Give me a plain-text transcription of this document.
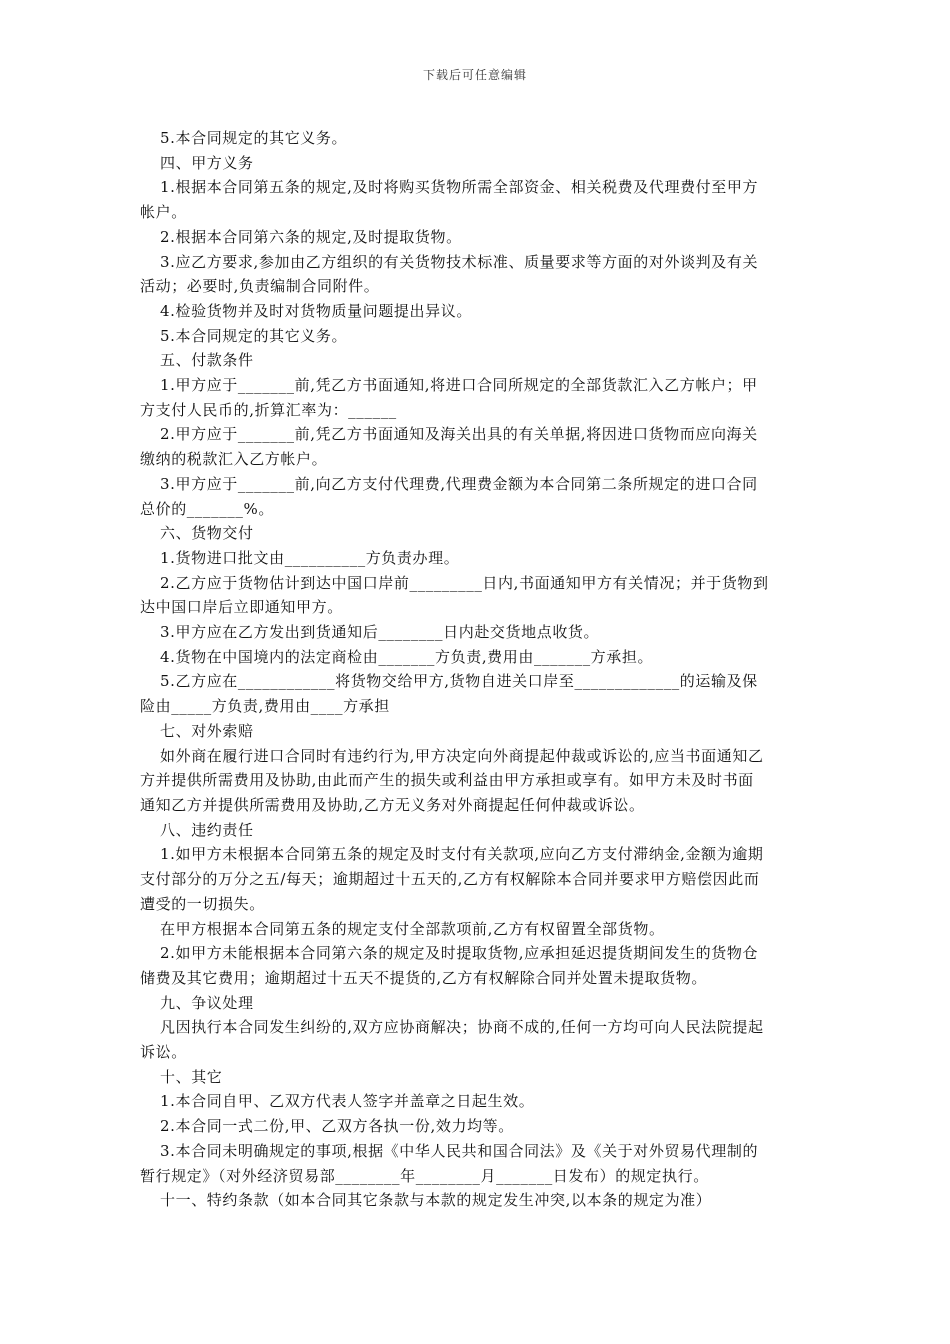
下载后可任意编辑
5.本合同规定的其它义务。
四、甲方义务
1.根据本合同第五条的规定,及时将购买货物所需全部资金、相关税费及代理费付至甲方
帐户。
2.根据本合同第六条的规定,及时提取货物。
3.应乙方要求,参加由乙方组织的有关货物技术标准、质量要求等方面的对外谈判及有关
活动；必要时,负责编制合同附件。
4.检验货物并及时对货物质量问题提出异议。
5.本合同规定的其它义务。
五、付款条件
1.甲方应于_______前,凭乙方书面通知,将进口合同所规定的全部货款汇入乙方帐户；甲
方支付人民币的,折算汇率为：______
2.甲方应于_______前,凭乙方书面通知及海关出具的有关单据,将因进口货物而应向海关
缴纳的税款汇入乙方帐户。
3.甲方应于_______前,向乙方支付代理费,代理费金额为本合同第二条所规定的进口合同
总价的_______%。
六、货物交付
1.货物进口批文由__________方负责办理。
2.乙方应于货物估计到达中国口岸前_________日内,书面通知甲方有关情况；并于货物到
达中国口岸后立即通知甲方。
3.甲方应在乙方发出到货通知后________日内赴交货地点收货。
4.货物在中国境内的法定商检由_______方负责,费用由_______方承担。
5.乙方应在____________将货物交给甲方,货物自进关口岸至_____________的运输及保
险由_____方负责,费用由____方承担
七、对外索赔
如外商在履行进口合同时有违约行为,甲方决定向外商提起仲裁或诉讼的,应当书面通知乙
方并提供所需费用及协助,由此而产生的损失或利益由甲方承担或享有。如甲方未及时书面
通知乙方并提供所需费用及协助,乙方无义务对外商提起任何仲裁或诉讼。
八、违约责任
1.如甲方未根据本合同第五条的规定及时支付有关款项,应向乙方支付滞纳金,金额为逾期
支付部分的万分之五/每天；逾期超过十五天的,乙方有权解除本合同并要求甲方赔偿因此而
遭受的一切损失。
在甲方根据本合同第五条的规定支付全部款项前,乙方有权留置全部货物。
2.如甲方未能根据本合同第六条的规定及时提取货物,应承担延迟提货期间发生的货物仓
储费及其它费用；逾期超过十五天不提货的,乙方有权解除合同并处置未提取货物。
九、争议处理
凡因执行本合同发生纠纷的,双方应协商解决；协商不成的,任何一方均可向人民法院提起
诉讼。
十、其它
1.本合同自甲、乙双方代表人签字并盖章之日起生效。
2.本合同一式二份,甲、乙双方各执一份,效力均等。
3.本合同未明确规定的事项,根据《中华人民共和国合同法》及《关于对外贸易代理制的
暂行规定》（对外经济贸易部________年________月_______日发布）的规定执行。
十一、特约条款（如本合同其它条款与本款的规定发生冲突,以本条的规定为准）
